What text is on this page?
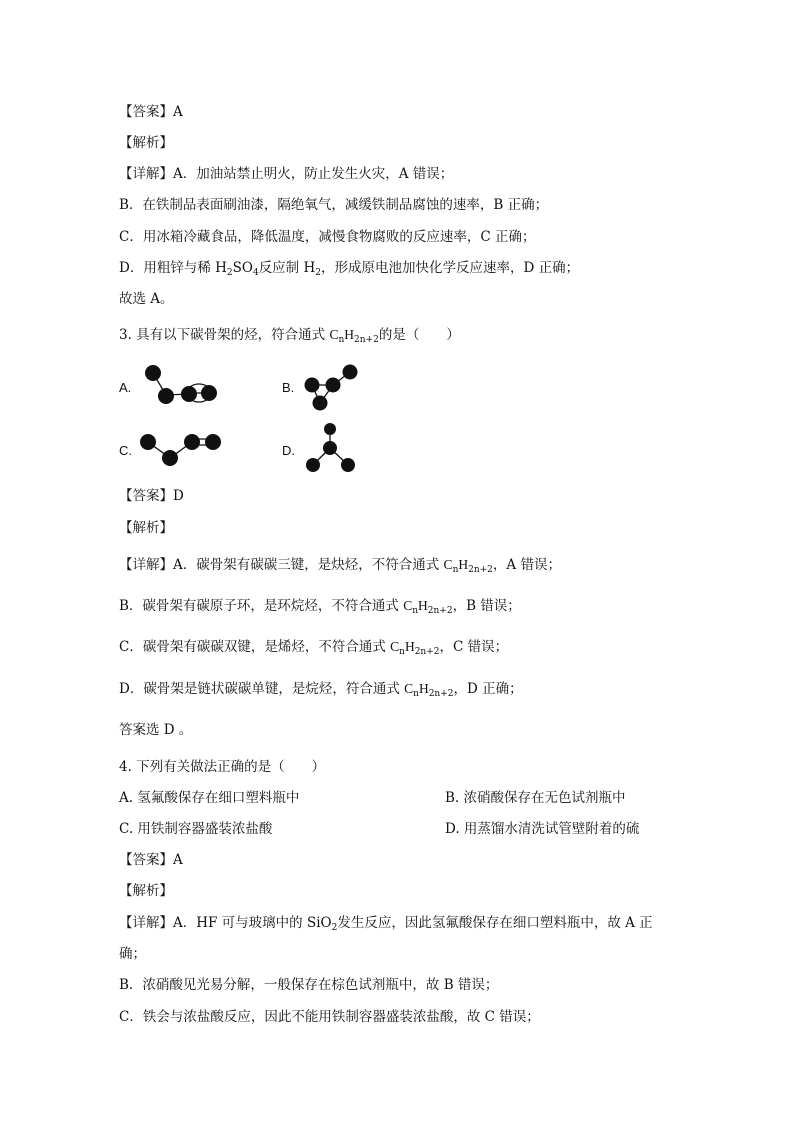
【答案】A
【解析】
【详解】A．加油站禁止明火，防止发生火灾，A 错误；
B．在铁制品表面刷油漆，隔绝氧气，减缓铁制品腐蚀的速率，B 正确；
C．用冰箱冷藏食品，降低温度，减慢食物腐败的反应速率，C 正确；
D．用粗锌与稀 $H_2SO_4$反应制 $H_2$，形成原电池加快化学反应速率，D 正确；
故选 A。
3. 具有以下碳骨架的烃，符合通式 $C_nH_{2n+2}$的是（　　）
A.	B.
C.	D.
【答案】D
【解析】
【详解】A．碳骨架有碳碳三键，是炔烃，不符合通式 $C_nH_{2n+2}$，A 错误；
B．碳骨架有碳原子环，是环烷烃，不符合通式 $C_nH_{2n+2}$，B 错误；
C．碳骨架有碳碳双键，是烯烃，不符合通式 $C_nH_{2n+2}$，C 错误；
D．碳骨架是链状碳碳单键，是烷烃，符合通式 $C_nH_{2n+2}$，D 正确；
答案选 D 。
4. 下列有关做法正确的是（　　）
A. 氢氟酸保存在细口塑料瓶中	B. 浓硝酸保存在无色试剂瓶中
C. 用铁制容器盛装浓盐酸	D. 用蒸馏水清洗试管壁附着的硫
【答案】A
【解析】
【详解】A．HF 可与玻璃中的 SiO$_2$发生反应，因此氢氟酸保存在细口塑料瓶中，故 A 正
确；
B．浓硝酸见光易分解，一般保存在棕色试剂瓶中，故 B 错误；
C．铁会与浓盐酸反应，因此不能用铁制容器盛装浓盐酸，故 C 错误；
